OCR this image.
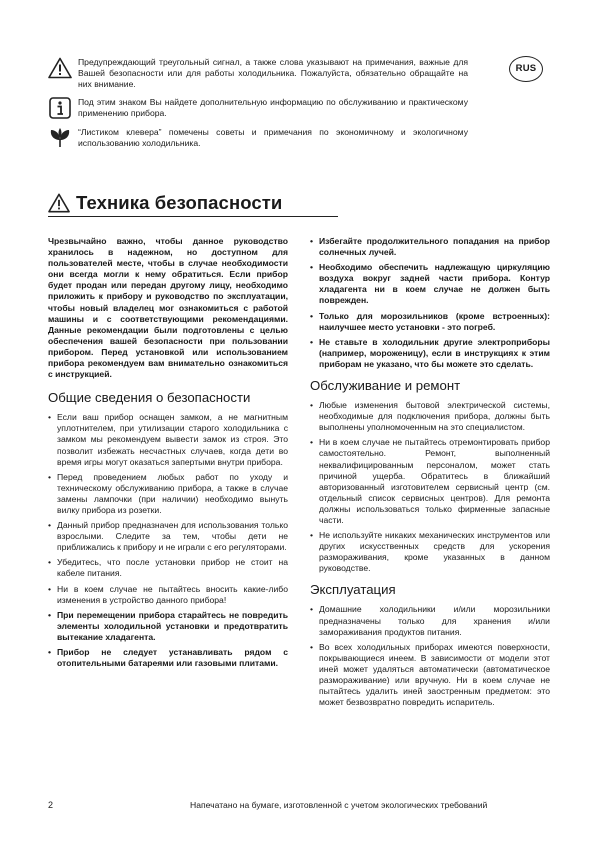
Предупреждающий треугольный сигнал, а также слова указывают на примечания, важные для Вашей безопасности или для работы холодильника. Пожалуйста, обязательно обращайте на них внимание.
Под этим знаком Вы найдете дополнительную информацию по обслуживанию и практическому применению прибора.
“Листиком клевера” помечены советы и примечания по экономичному и экологичному использованию холодильника.
RUS
Техника безопасности
Чрезвычайно важно, чтобы данное руководство хранилось в надежном, но доступном для пользователей месте, чтобы в случае необходимости они всегда могли к нему обратиться. Если прибор будет продан или передан другому лицу, необходимо приложить к прибору и руководство по эксплуатации, чтобы новый владелец мог ознакомиться с работой машины и с соответствующими рекомендациями. Данные рекомендации были подготовлены с целью обеспечения вашей безопасности при пользовании прибором. Перед установкой или использованием прибора рекомендуем вам внимательно ознакомиться с инструкцией.
Общие сведения о безопасности
• Если ваш прибор оснащен замком, а не магнитным уплотнителем, при утилизации старого холодильника с замком мы рекомендуем вывести замок из строя. Это позволит избежать несчастных случаев, когда дети во время игры могут оказаться запертыми внутри прибора.
• Перед проведением любых работ по уходу и техническому обслуживанию прибора, а также в случае замены лампочки (при наличии) необходимо вынуть вилку прибора из розетки.
• Данный прибор предназначен для использования только взрослыми. Следите за тем, чтобы дети не приближались к прибору и не играли с его регуляторами.
• Убедитесь, что после установки прибор не стоит на кабеле питания.
• Ни в коем случае не пытайтесь вносить какие-либо изменения в устройство данного прибора!
• При перемещении прибора старайтесь не повредить элементы холодильной установки и предотвратить вытекание хладагента.
• Прибор не следует устанавливать рядом с отопительными батареями или газовыми плитами.
• Избегайте продолжительного попадания на прибор солнечных лучей.
• Необходимо обеспечить надлежащую циркуляцию воздуха вокруг задней части прибора. Контур хладагента ни в коем случае не должен быть поврежден.
• Только для морозильников (кроме встроенных): наилучшее место установки - это погреб.
• Не ставьте в холодильник другие электроприборы (например, мороженицу), если в инструкциях к этим приборам не указано, что бы можете это сделать.
Обслуживание и ремонт
• Любые изменения бытовой электрической системы, необходимые для подключения прибора, должны быть выполнены уполномоченным на это специалистом.
• Ни в коем случае не пытайтесь отремонтировать прибор самостоятельно. Ремонт, выполненный неквалифицированным персоналом, может стать причиной ущерба. Обратитесь в ближайший авторизованный изготовителем сервисный центр (см. отдельный список сервисных центров). Для ремонта должны использоваться только фирменные запасные части.
• Не используйте никаких механических инструментов или других искусственных средств для ускорения размораживания, кроме указанных в данном руководстве.
Эксплуатация
• Домашние холодильники и/или морозильники предназначены только для хранения и/или замораживания продуктов питания.
• Во всех холодильных приборах имеются поверхности, покрывающиеся инеем. В зависимости от модели этот иней может удаляться автоматически (автоматическое размораживание) или вручную. Ни в коем случае не пытайтесь удалить иней заостренным предметом: это может безвозвратно повредить испаритель.
2	Напечатано на бумаге, изготовленной с учетом экологических требований
